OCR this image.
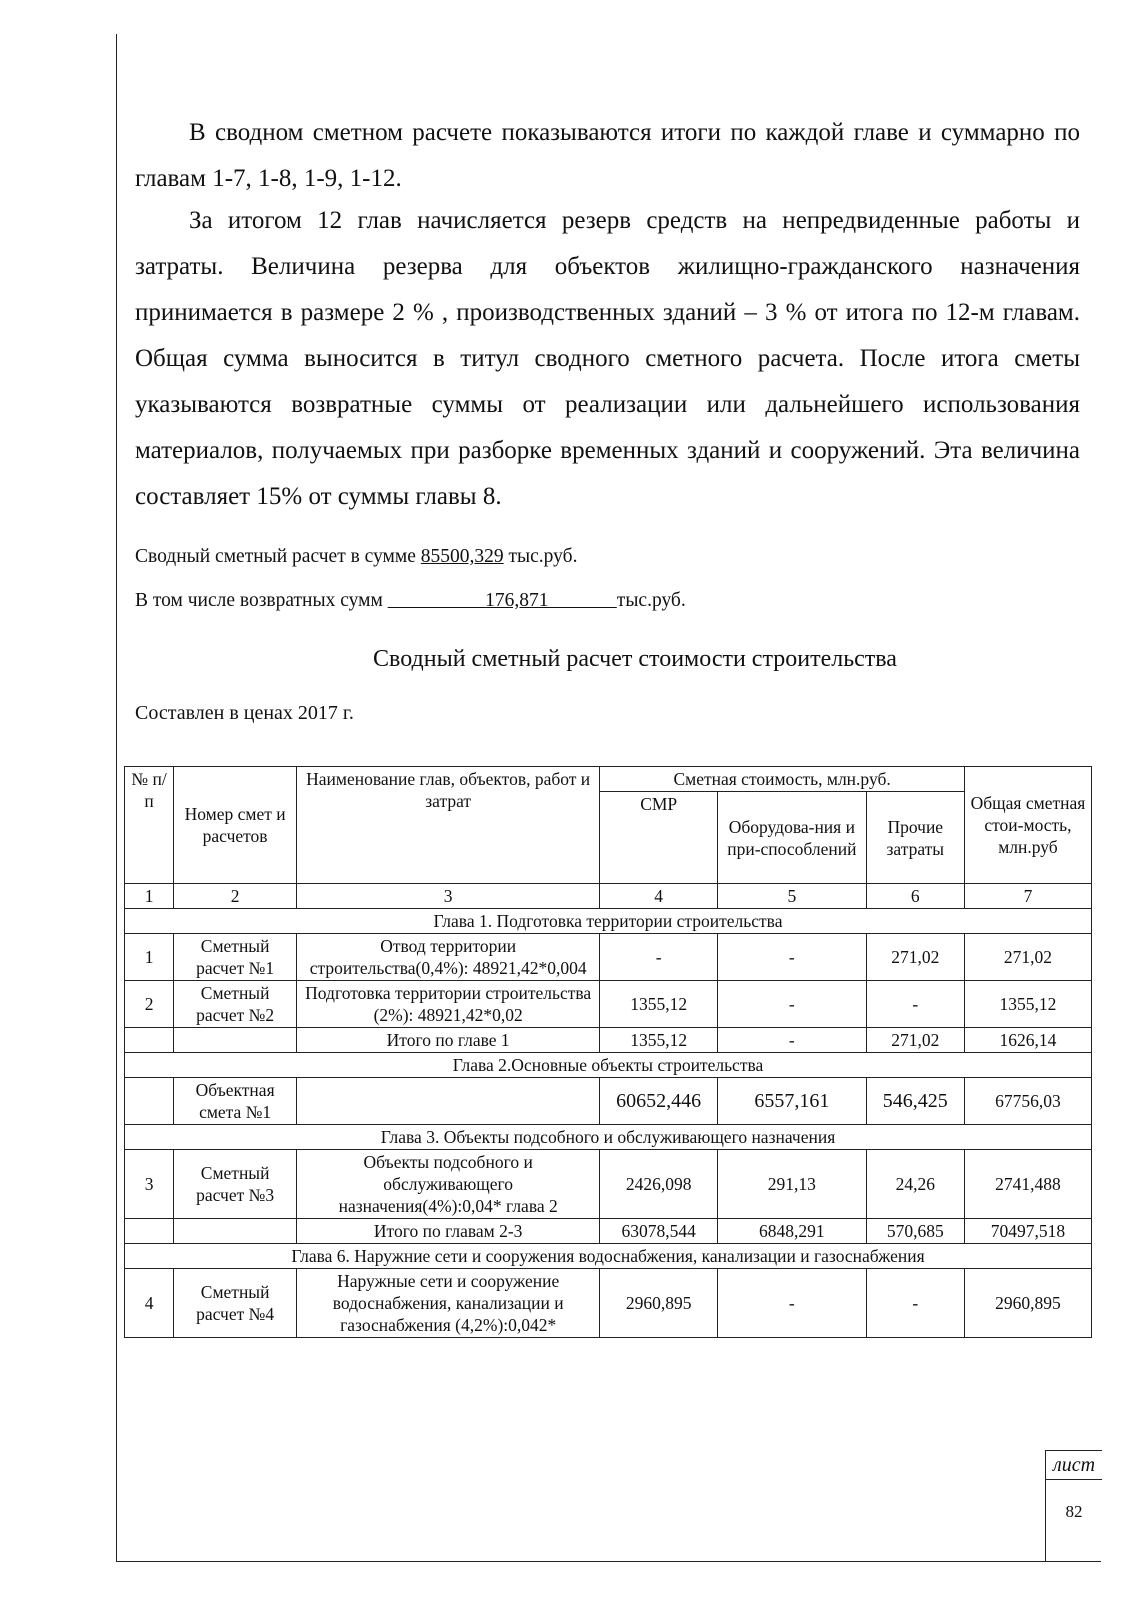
В сводном сметном расчете показываются итоги по каждой главе и суммарно по главам 1-7, 1-8, 1-9, 1-12.

За итогом 12 глав начисляется резерв средств на непредвиденные работы и затраты. Величина резерва для объектов жилищно-гражданского назначения принимается в размере 2 % , производственных зданий – 3 % от итога по 12-м главам. Общая сумма выносится в титул сводного сметного расчета. После итога сметы указываются возвратные суммы от реализации или дальнейшего использования материалов, получаемых при разборке временных зданий и сооружений. Эта величина составляет 15% от суммы главы 8.

Сводный сметный расчет в сумме 85500,329 тыс.руб.

В том числе возвратных сумм	176,871	тыс.руб.

Сводный сметный расчет стоимости строительства

Составлен в ценах 2017 г.

№ п/п	Номер смет и расчетов	Наименование глав, объектов, работ и затрат	Сметная стоимость, млн.руб.			Общая сметная стои-мость, млн.руб
			СМР	Оборудова-ния и при-способлений	Прочие затраты	
1	2	3	4	5	6	7
Глава 1. Подготовка территории строительства						
1	Сметный расчет №1	Отвод территории строительства(0,4%): 48921,42*0,004	-	-	271,02	271,02
2	Сметный расчет №2	Подготовка территории строительства (2%): 48921,42*0,02	1355,12	-	-	1355,12
		Итого по главе 1	1355,12	-	271,02	1626,14
Глава 2.Основные объекты строительства						
	Объектная смета №1		60652,446	6557,161	546,425	67756,03
Глава 3. Объекты подсобного и обслуживающего назначения						
3	Сметный расчет №3	Объекты подсобного и обслуживающего назначения(4%):0,04* глава 2	2426,098	291,13	24,26	2741,488
		Итого по главам 2-3	63078,544	6848,291	570,685	70497,518
Глава 6. Наружние сети и сооружения водоснабжения, канализации и газоснабжения						
4	Сметный расчет №4	Наружные сети и сооружение водоснабжения, канализации и газоснабжения (4,2%):0,042*	2960,895	-	-	2960,895
лист
82
